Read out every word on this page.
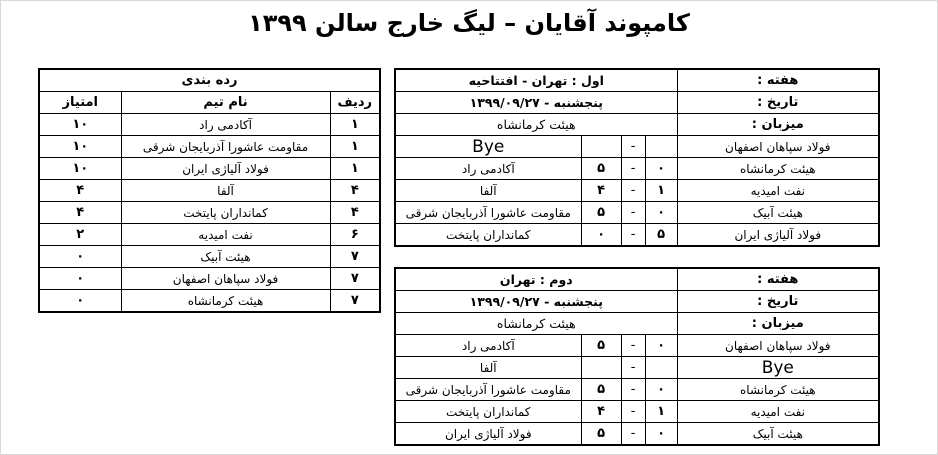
کامپوند آقایان – لیگ خارج سالن ۱۳۹۹
رده بندی		
ردیف	نام تیم	امتیاز
۱	آکادمی راد	۱۰
۱	مقاومت عاشورا آذربایجان شرقی	۱۰
۱	فولاد آلیاژی ایران	۱۰
۴	آلفا	۴
۴	کمانداران پایتخت	۴
۶	نفت امیدیه	۲
۷	هیئت آبیک	۰
۷	فولاد سپاهان اصفهان	۰
۷	هیئت کرمانشاه	۰
هفته :	اول : تهران - افتتاحیه			
تاریخ :	پنجشنبه - ۱۳۹۹/۰۹/۲۷			
میزبان :	هیئت کرمانشاه			
فولاد سپاهان اصفهان		-		Bye
هیئت کرمانشاه	۰	-	۵	آکادمی راد
نفت امیدیه	۱	-	۴	آلفا
هیئت آبیک	۰	-	۵	مقاومت عاشورا آذربایجان شرقی
فولاد آلیاژی ایران	۵	-	۰	کمانداران پایتخت
هفته :	دوم : تهران			
تاریخ :	پنجشنبه - ۱۳۹۹/۰۹/۲۷			
میزبان :	هیئت کرمانشاه			
فولاد سپاهان اصفهان	۰	-	۵	آکادمی راد
Bye		-		آلفا
هیئت کرمانشاه	۰	-	۵	مقاومت عاشورا آذربایجان شرقی
نفت امیدیه	۱	-	۴	کمانداران پایتخت
هیئت آبیک	۰	-	۵	فولاد آلیاژی ایران
